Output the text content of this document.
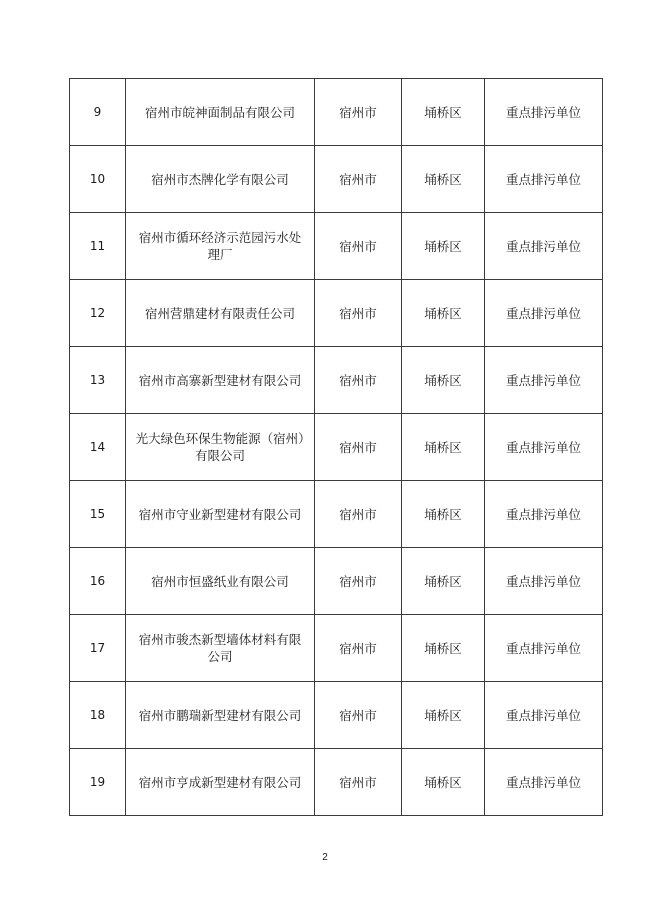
9	宿州市皖神面制品有限公司	宿州市	埇桥区	重点排污单位
10	宿州市杰牌化学有限公司	宿州市	埇桥区	重点排污单位
11	宿州市循环经济示范园污水处理厂	宿州市	埇桥区	重点排污单位
12	宿州营鼎建材有限责任公司	宿州市	埇桥区	重点排污单位
13	宿州市高寨新型建材有限公司	宿州市	埇桥区	重点排污单位
14	光大绿色环保生物能源（宿州）有限公司	宿州市	埇桥区	重点排污单位
15	宿州市守业新型建材有限公司	宿州市	埇桥区	重点排污单位
16	宿州市恒盛纸业有限公司	宿州市	埇桥区	重点排污单位
17	宿州市骏杰新型墙体材料有限公司	宿州市	埇桥区	重点排污单位
18	宿州市鹏瑞新型建材有限公司	宿州市	埇桥区	重点排污单位
19	宿州市亨成新型建材有限公司	宿州市	埇桥区	重点排污单位
2
